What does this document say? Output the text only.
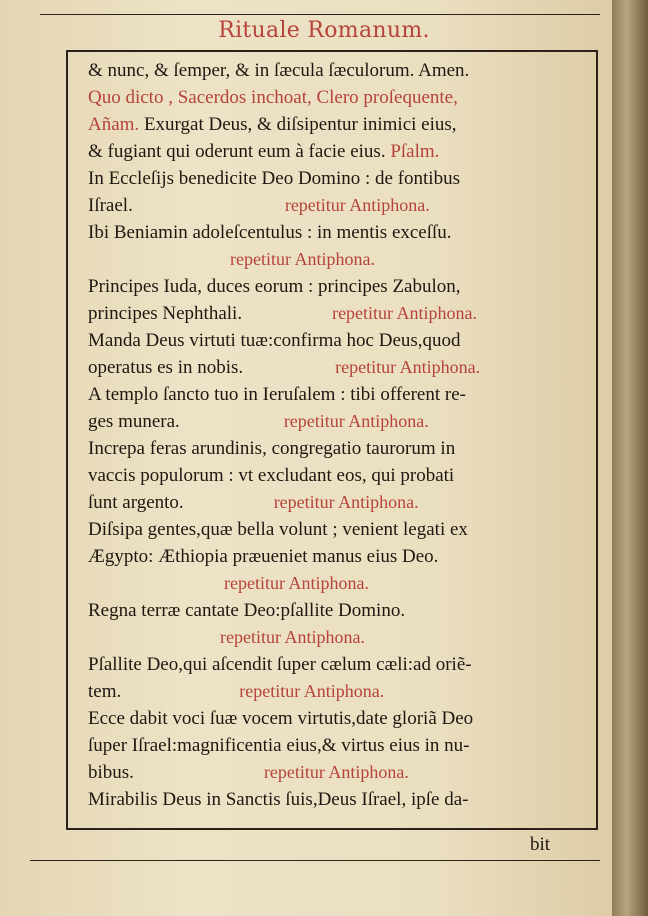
Rituale Romanum.
& nunc, & ſemper, & in ſæcula ſæculorum. Amen.
Quo dicto , Sacerdos inchoat, Clero proſequente,
Añam. Exurgat Deus, & diſsipentur inimici eius,
& fugiant qui oderunt eum à facie eius. Pſalm.
In Eccleſijs benedicite Deo Domino : de fontibus
Iſrael.	repetitur Antiphona.
Ibi Beniamin adoleſcentulus : in mentis exceſſu.
repetitur Antiphona.
Principes Iuda, duces eorum : principes Zabulon,
principes Nephthali.	repetitur Antiphona.
Manda Deus virtuti tuæ:confirma hoc Deus,quod
operatus es in nobis.	repetitur Antiphona.
A templo ſancto tuo in Ieruſalem : tibi offerent re-
ges munera.	repetitur Antiphona.
Increpa feras arundinis, congregatio taurorum in
vaccis populorum : vt excludant eos, qui probati
ſunt argento.	repetitur Antiphona.
Diſsipa gentes,quæ bella volunt ; venient legati ex
Ægypto: Æthiopia præueniet manus eius Deo.
repetitur Antiphona.
Regna terræ cantate Deo:pſallite Domino.
repetitur Antiphona.
Pſallite Deo,qui aſcendit ſuper cælum cæli:ad oriẽ-
tem.	repetitur Antiphona.
Ecce dabit voci ſuæ vocem virtutis,date gloriã Deo
ſuper Iſrael:magnificentia eius,& virtus eius in nu-
bibus.	repetitur Antiphona.
Mirabilis Deus in Sanctis ſuis,Deus Iſrael, ipſe da-
bit
